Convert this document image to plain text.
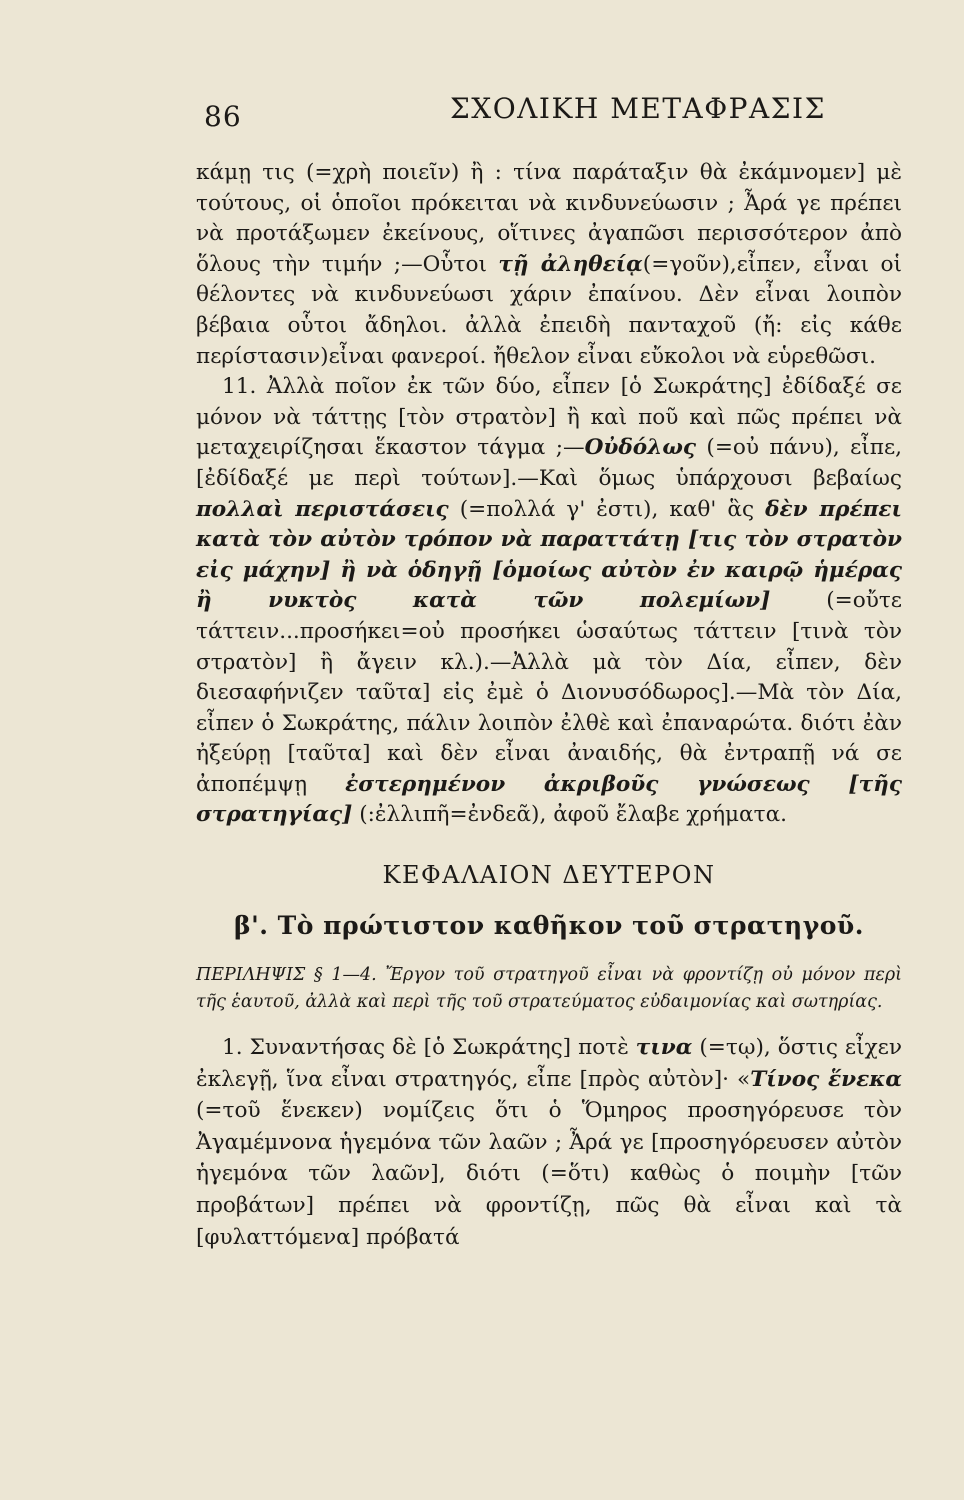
86	ΣΧΟΛΙΚΗ ΜΕΤΑΦΡΑΣΙΣ

κάμῃ τις (=χρὴ ποιεῖν) ἢ : τίνα παράταξιν θὰ ἐκάμνομεν] μὲ τούτους, οἱ ὁποῖοι πρόκειται νὰ κινδυνεύωσιν ; Ἆρά γε πρέπει νὰ προτάξωμεν ἐκείνους, οἵτινες ἀγαπῶσι περισσότερον ἀπὸ ὅλους τὴν τιμήν ;—Οὗτοι τῇ ἀληθείᾳ(=γοῦν),εἶπεν, εἶναι οἱ θέλοντες νὰ κινδυνεύωσι χάριν ἐπαίνου. Δὲν εἶναι λοιπὸν βέβαια οὗτοι ἄδηλοι. ἀλλὰ ἐπειδὴ πανταχοῦ (ἤ: εἰς κάθε περίστασιν)εἶναι φανεροί. ἤθελον εἶναι εὔκολοι νὰ εὑρεθῶσι.

11. Ἀλλὰ ποῖον ἐκ τῶν δύο, εἶπεν [ὁ Σωκράτης] ἐδίδαξέ σε μόνον νὰ τάττῃς [τὸν στρατὸν] ἢ καὶ ποῦ καὶ πῶς πρέπει νὰ μεταχειρίζησαι ἕκαστον τάγμα ;—Οὐδόλως (=οὐ πάνυ), εἶπε, [ἐδίδαξέ με περὶ τούτων].—Καὶ ὅμως ὑπάρχουσι βεβαίως πολλαὶ περιστάσεις (=πολλά γ' ἐστι), καθ' ἃς δὲν πρέπει κατὰ τὸν αὐτὸν τρόπον νὰ παραττάτῃ [τις τὸν στρατὸν εἰς μάχην] ἢ νὰ ὁδηγῇ [ὁμοίως αὐτὸν ἐν καιρῷ ἡμέρας ἢ νυκτὸς κατὰ τῶν πολεμίων] (=οὔτε τάττειν...προσήκει=οὐ προσήκει ὡσαύτως τάττειν [τινὰ τὸν στρατὸν] ἢ ἄγειν κλ.).—Ἀλλὰ μὰ τὸν Δία, εἶπεν, δὲν διεσαφήνιζεν ταῦτα] εἰς ἐμὲ ὁ Διονυσόδωρος].—Μὰ τὸν Δία, εἶπεν ὁ Σωκράτης, πάλιν λοιπὸν ἐλθὲ καὶ ἐπαναρώτα. διότι ἐὰν ἠξεύρῃ [ταῦτα] καὶ δὲν εἶναι ἀναιδής, θὰ ἐντραπῇ νά σε ἀποπέμψῃ ἐστερημένον ἀκριβοῦς γνώσεως [τῆς στρατηγίας] (:ἐλλιπῆ=ἐνδεᾶ), ἀφοῦ ἔλαβε χρήματα.

ΚΕΦΑΛΑΙΟΝ ΔΕΥΤΕΡΟΝ
β'. Τὸ πρώτιστον καθῆκον τοῦ στρατηγοῦ.
ΠΕΡΙΛΗΨΙΣ § 1—4. Ἔργον τοῦ στρατηγοῦ εἶναι νὰ φροντίζῃ οὐ μόνον περὶ τῆς ἑαυτοῦ, ἀλλὰ καὶ περὶ τῆς τοῦ στρατεύματος εὐδαιμονίας καὶ σωτηρίας.

1. Συναντήσας δὲ [ὁ Σωκράτης] ποτὲ τινα (=τῳ), ὅστις εἶχεν ἐκλεγῇ, ἵνα εἶναι στρατηγός, εἶπε [πρὸς αὐτὸν]· «Τίνος ἕνεκα (=τοῦ ἕνεκεν) νομίζεις ὅτι ὁ Ὅμηρος προσηγόρευσε τὸν Ἀγαμέμνονα ἡγεμόνα τῶν λαῶν ; Ἆρά γε [προσηγόρευσεν αὐτὸν ἡγεμόνα τῶν λαῶν], διότι (=ὅτι) καθὼς ὁ ποιμὴν [τῶν προβάτων] πρέπει νὰ φροντίζῃ, πῶς θὰ εἶναι καὶ τὰ [φυλαττόμενα] πρόβατά
